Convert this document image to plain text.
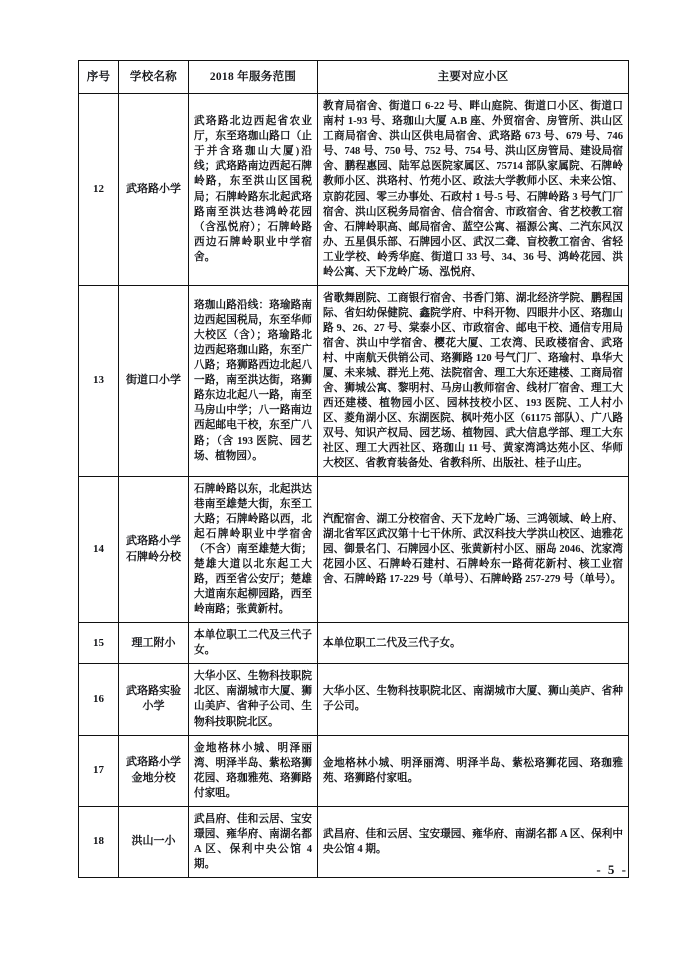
序号	学校名称	2018 年服务范围	主要对应小区
12	武珞路小学	武珞路北边西起省农业厅，东至珞珈山路口（止于并含珞珈山大厦)沿线；武珞路南边西起石牌岭路，东至洪山区国税局；石牌岭路东北起武珞路南至洪达巷鸿岭花园（含泓悦府）；石牌岭路西边石牌岭职业中学宿舍。	教育局宿舍、街道口 6-22 号、畔山庭院、街道口小区、街道口南村 1-93 号、珞珈山大厦 A.B 座、外贸宿舍、房管所、洪山区工商局宿舍、洪山区供电局宿舍、武珞路 673 号、679 号、746 号、748 号、750 号、752 号、754 号、洪山区房管局、建设局宿舍、鹏程惠园、陆军总医院家属区、75714 部队家属院、石牌岭教师小区、洪珞村、竹苑小区、政法大学教师小区、未来公馆、京韵花园、零三办事处、石政村 1 号-5 号、石牌岭路 3 号气门厂宿舍、洪山区税务局宿舍、信合宿舍、市政宿舍、省艺校教工宿舍、石牌岭职高、邮局宿舍、蓝空公寓、福源公寓、二汽东风汉办、五星俱乐部、石牌园小区、武汉二聋、盲校教工宿舍、省轻工业学校、岭秀华庭、街道口 33 号、34、36 号、鸿岭花园、洪岭公寓、天下龙岭广场、泓悦府、
13	街道口小学	珞珈山路沿线：珞瑜路南边西起国税局，东至华师大校区（含）；珞瑜路北边西起珞珈山路，东至广八路；珞狮路西边北起八一路，南至洪达街，珞狮路东边北起八一路，南至马房山中学；八一路南边西起邮电干校，东至广八路；（含 193 医院、园艺场、植物园）。	省歌舞剧院、工商银行宿舍、书香门第、湖北经济学院、鹏程国际、省妇幼保健院、鑫院学府、中科开物、四眼井小区、珞珈山路 9、26、27 号、棠泰小区、市政宿舍、邮电干校、通信专用局宿舍、洪山中学宿舍、樱花大厦、工农湾、民政楼宿舍、武珞村、中南航天供销公司、珞狮路 120 号气门厂、珞瑜村、阜华大厦、未来城、群光上苑、法院宿舍、理工大东还建楼、工商局宿舍、狮城公寓、黎明村、马房山教师宿舍、线材厂宿舍、理工大西还建楼、植物园小区、园林技校小区、193 医院、工人村小区、菱角湖小区、东湖医院、枫叶苑小区（61175 部队）、广八路双号、知识产权局、园艺场、植物园、武大信息学部、理工大东社区、理工大西社区、珞珈山 11 号、黄家湾鸿达苑小区、华师大校区、省教育装备处、省教科所、出版社、桂子山庄。
14	武珞路小学石牌岭分校	石牌岭路以东，北起洪达巷南至雄楚大街，东至工大路；石牌岭路以西，北起石牌岭职业中学宿舍（不含）南至雄楚大街；楚雄大道以北东起工大路，西至省公安厅；楚雄大道南东起柳园路，西至岭南路；张黄新村。	汽配宿舍、湖工分校宿舍、天下龙岭广场、三鸿领域、岭上府、湖北省军区武汉第十七干休所、武汉科技大学洪山校区、迪雅花园、御景名门、石牌园小区、张黄新村小区、丽岛 2046、沈家湾花园小区、石牌岭石建村、石牌岭东一路荷花新村、核工业宿舍、石牌岭路 17-229 号（单号）、石牌岭路 257-279 号（单号）。
15	理工附小	本单位职工二代及三代子女。	本单位职工二代及三代子女。
16	武珞路实验小学	大华小区、生物科技职院北区、南湖城市大厦、狮山美庐、省种子公司、生物科技职院北区。	大华小区、生物科技职院北区、南湖城市大厦、狮山美庐、省种子公司。
17	武珞路小学金地分校	金地格林小城、明泽丽湾、明泽半岛、紫松珞狮花园、珞珈雅苑、珞狮路付家咀。	金地格林小城、明泽丽湾、明泽半岛、紫松珞狮花园、珞珈雅苑、珞狮路付家咀。
18	洪山一小	武昌府、佳和云居、宝安璟园、雍华府、南湖名都 A 区、保利中央公馆 4 期。	武昌府、佳和云居、宝安璟园、雍华府、南湖名都 A 区、保利中央公馆 4 期。
- 5 -
